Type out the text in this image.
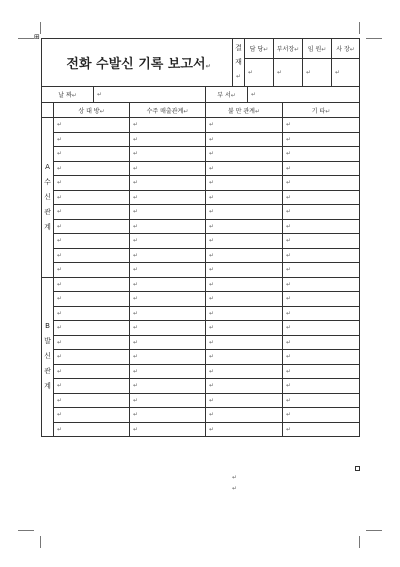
⊞
전화 수발신 기록 보고서↵	결
재↵	담 당↵	부서장↵	임 원↵	사 장↵
		↵	↵	↵	↵
날 짜↵	↵	부 서↵	↵
	상 대 방↵	수주 매출관계↵	불 만 관계↵	기 타↵

A
수
신
관
계	↵	↵	↵	↵
	↵	↵	↵	↵
	↵	↵	↵	↵
	↵	↵	↵	↵
	↵	↵	↵	↵
	↵	↵	↵	↵
	↵	↵	↵	↵
	↵	↵	↵	↵
	↵	↵	↵	↵
	↵	↵	↵	↵
	↵	↵	↵	↵

B
발
신
관
계	↵	↵	↵	↵
	↵	↵	↵	↵
	↵	↵	↵	↵
	↵	↵	↵	↵
	↵	↵	↵	↵
	↵	↵	↵	↵
	↵	↵	↵	↵
	↵	↵	↵	↵
	↵	↵	↵	↵
	↵	↵	↵	↵
	↵	↵	↵	↵
↵
↵
